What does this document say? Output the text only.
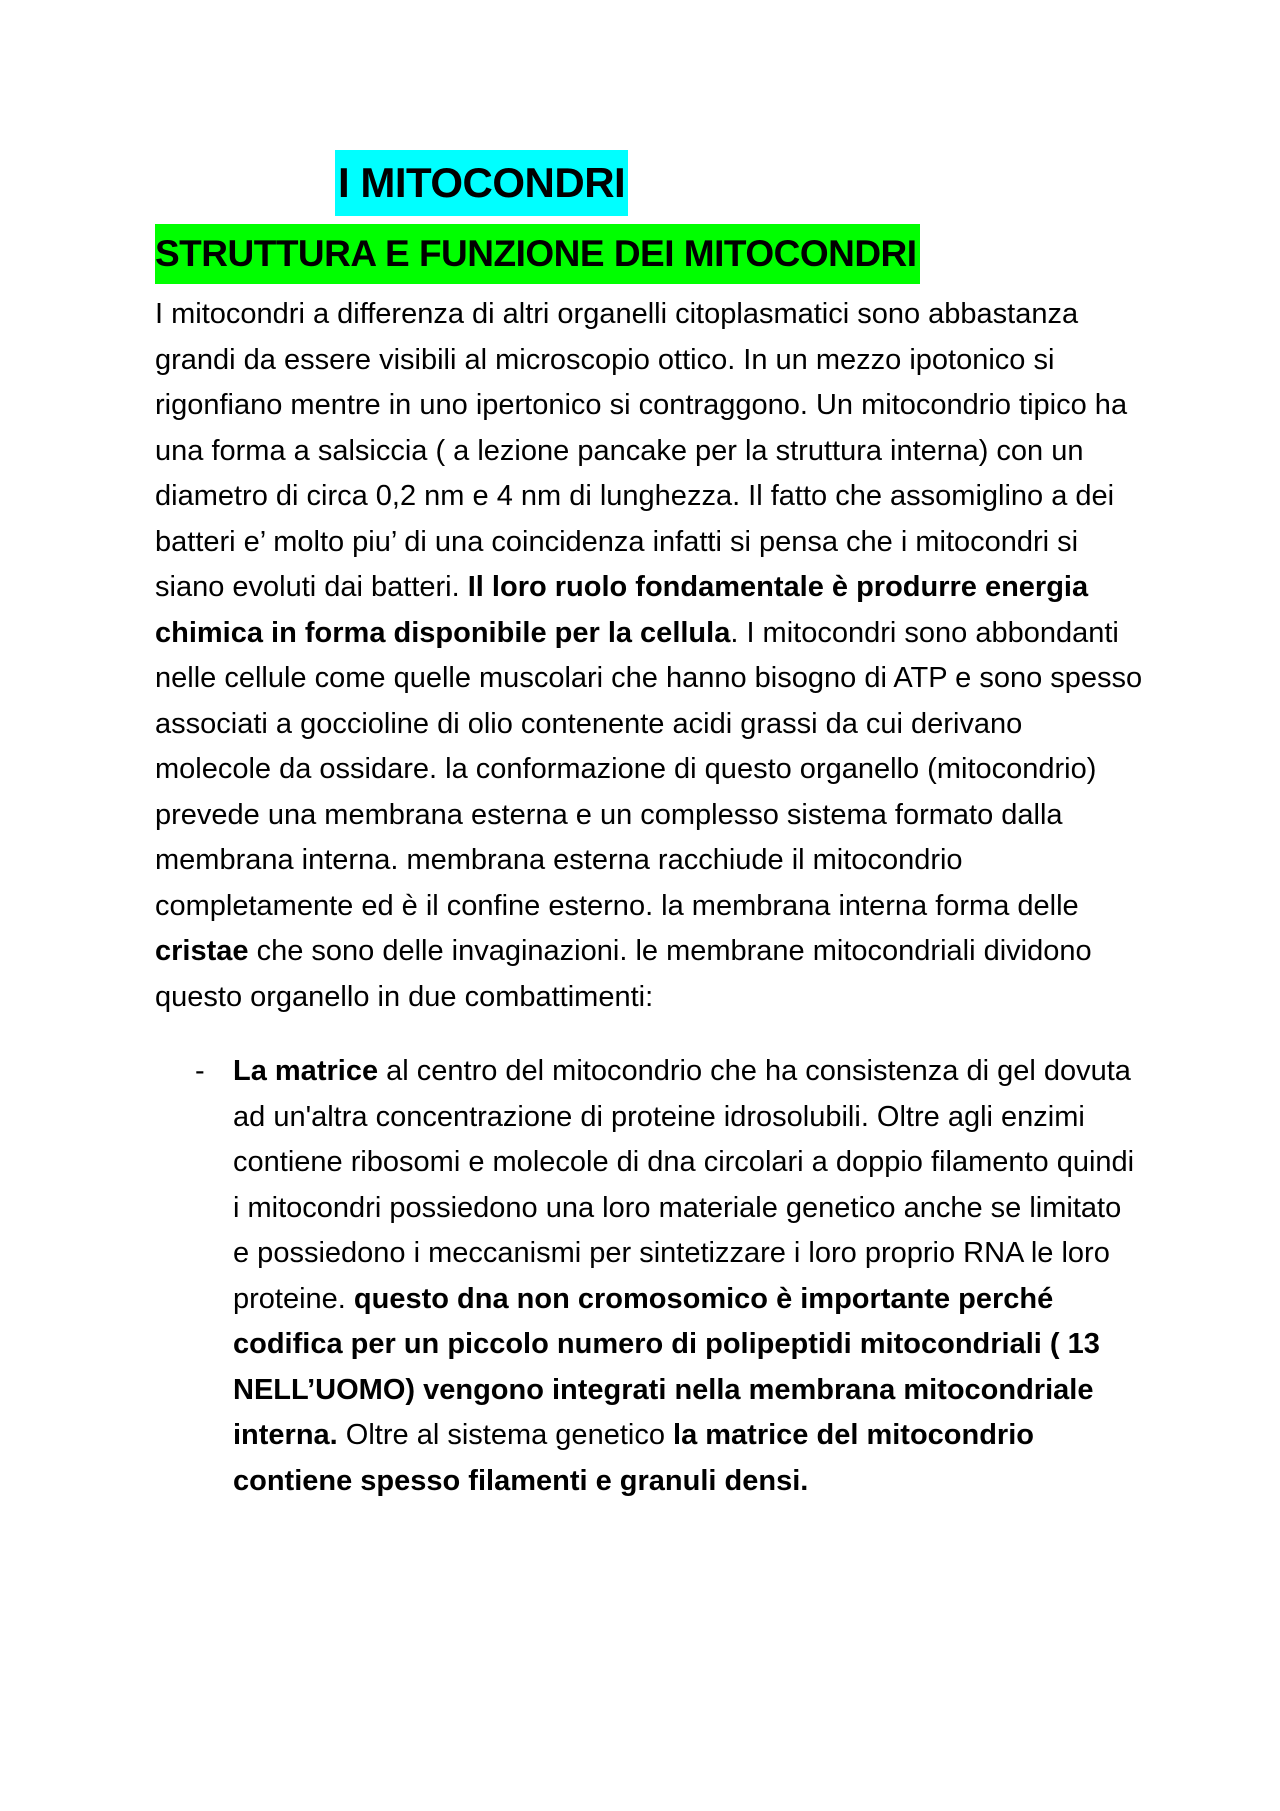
I MITOCONDRI
STRUTTURA E FUNZIONE DEI MITOCONDRI

I mitocondri a differenza di altri organelli citoplasmatici sono abbastanza grandi da essere visibili al microscopio ottico. In un mezzo ipotonico si rigonfiano mentre in uno ipertonico si contraggono. Un mitocondrio tipico ha una forma a salsiccia ( a lezione pancake per la struttura interna) con un diametro di circa 0,2 nm e 4 nm di lunghezza. Il fatto che assomiglino a dei batteri e’ molto piu’ di una coincidenza infatti si pensa che i mitocondri si siano evoluti dai batteri. Il loro ruolo fondamentale è produrre energia chimica in forma disponibile per la cellula. I mitocondri sono abbondanti nelle cellule come quelle muscolari che hanno bisogno di ATP e sono spesso associati a goccioline di olio contenente acidi grassi da cui derivano molecole da ossidare. la conformazione di questo organello (mitocondrio) prevede una membrana esterna e un complesso sistema formato dalla membrana interna. membrana esterna racchiude il mitocondrio completamente ed è il confine esterno. la membrana interna forma delle cristae che sono delle invaginazioni. le membrane mitocondriali dividono questo organello in due combattimenti:

- La matrice al centro del mitocondrio che ha consistenza di gel dovuta ad un'altra concentrazione di proteine idrosolubili. Oltre agli enzimi contiene ribosomi e molecole di dna circolari a doppio filamento quindi i mitocondri possiedono una loro materiale genetico anche se limitato e possiedono i meccanismi per sintetizzare i loro proprio RNA le loro proteine. questo dna non cromosomico è importante perché codifica per un piccolo numero di polipeptidi mitocondriali ( 13 NELL’UOMO) vengono integrati nella membrana mitocondriale interna. Oltre al sistema genetico la matrice del mitocondrio contiene spesso filamenti e granuli densi.
